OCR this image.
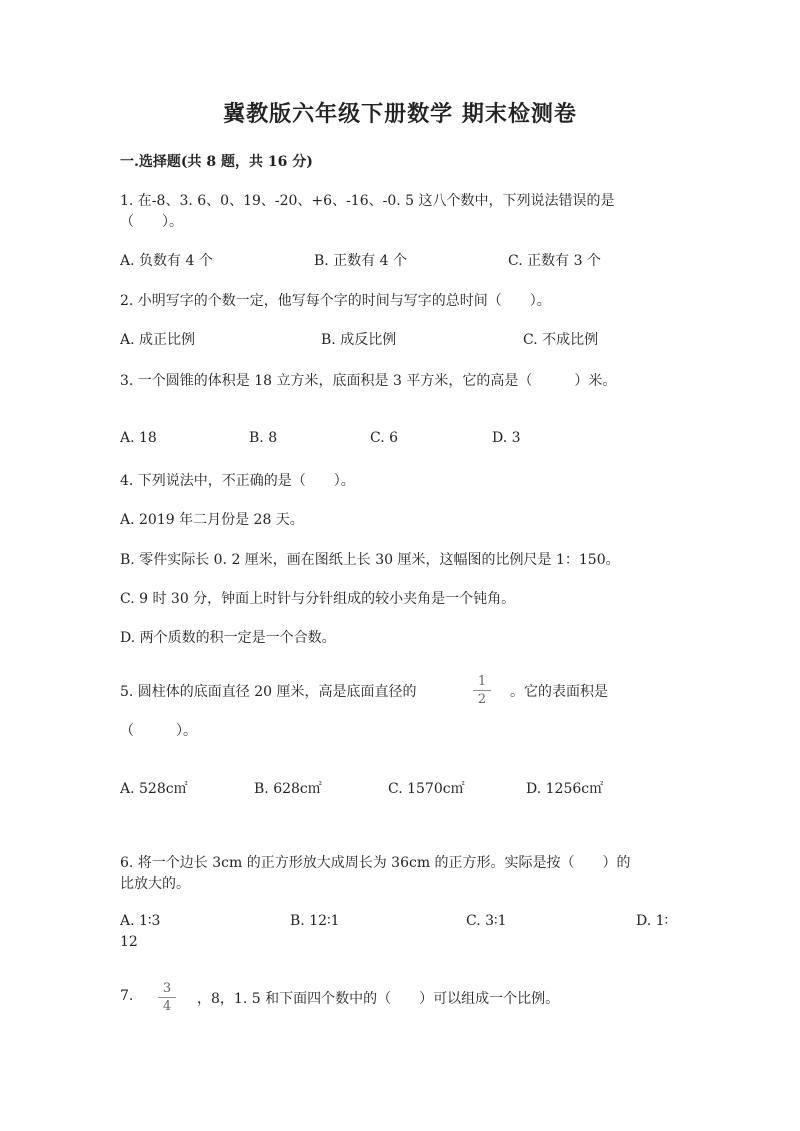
冀教版六年级下册数学 期末检测卷
一.选择题(共 8 题，共 16 分)
1. 在-8、3. 6、0、19、-20、+6、-16、-0. 5 这八个数中，下列说法错误的是
（　　）。
A. 负数有 4 个	B. 正数有 4 个	C. 正数有 3 个
2. 小明写字的个数一定，他写每个字的时间与写字的总时间（　　）。
A. 成正比例	B. 成反比例	C. 不成比例
3. 一个圆锥的体积是 18 立方米，底面积是 3 平方米，它的高是（　　　）米。
A. 18	B. 8	C. 6	D. 3
4. 下列说法中，不正确的是（　　）。
A. 2019 年二月份是 28 天。
B. 零件实际长 0. 2 厘米，画在图纸上长 30 厘米，这幅图的比例尺是 1：150。
C. 9 时 30 分，钟面上时针与分针组成的较小夹角是一个钝角。
D. 两个质数的积一定是一个合数。
5. 圆柱体的底面直径 20 厘米，高是底面直径的	$\frac{1}{2}$ 。它的表面积是
（　　　）。
A. 528c㎡	B. 628c㎡	C. 1570c㎡	D. 1256c㎡
6. 将一个边长 3cm 的正方形放大成周长为 36cm 的正方形。实际是按（　　）的
比放大的。
A. 1∶3	B. 12∶1	C. 3∶1	D. 1∶
12
7. $\frac{3}{4}$ ，8，1. 5 和下面四个数中的（　　）可以组成一个比例。
